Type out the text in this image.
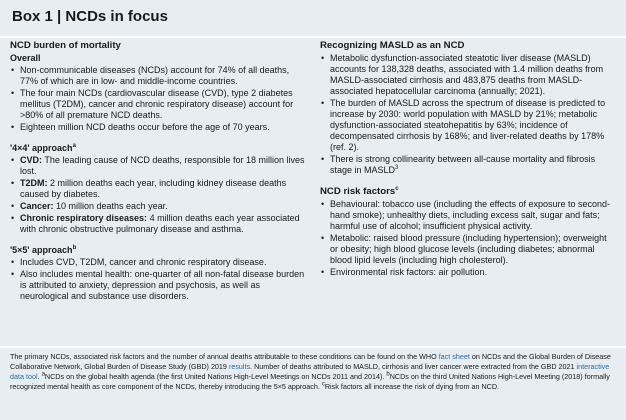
Box 1 | NCDs in focus
NCD burden of mortality
Overall
• Non-communicable diseases (NCDs) account for 74% of all deaths, 77% of which are in low- and middle-income countries.
• The four main NCDs (cardiovascular disease (CVD), type 2 diabetes mellitus (T2DM), cancer and chronic respiratory disease) account for >80% of all premature NCD deaths.
• Eighteen million NCD deaths occur before the age of 70 years.
'4×4' approach$^a$
• CVD: The leading cause of NCD deaths, responsible for 18 million lives lost.
• T2DM: 2 million deaths each year, including kidney disease deaths caused by diabetes.
• Cancer: 10 million deaths each year.
• Chronic respiratory diseases: 4 million deaths each year associated with chronic obstructive pulmonary disease and asthma.
'5×5' approach$^b$
• Includes CVD, T2DM, cancer and chronic respiratory disease.
• Also includes mental health: one-quarter of all non-fatal disease burden is attributed to anxiety, depression and psychosis, as well as neurological and substance use disorders.
Recognizing MASLD as an NCD
• Metabolic dysfunction-associated steatotic liver disease (MASLD) accounts for 138,328 deaths, associated with 1.4 million deaths from MASLD-associated cirrhosis and 483,875 deaths from MASLD-associated hepatocellular carcinoma (annually; 2021).
• The burden of MASLD across the spectrum of disease is predicted to increase by 2030: world population with MASLD by 21%; metabolic dysfunction-associated steatohepatitis by 63%; incidence of decompensated cirrhosis by 168%; and liver-related deaths by 178% (ref. 2).
• There is strong collinearity between all-cause mortality and fibrosis stage in MASLD$^3$
NCD risk factors$^c$
• Behavioural: tobacco use (including the effects of exposure to second-hand smoke); unhealthy diets, including excess salt, sugar and fats; harmful use of alcohol; insufficient physical activity.
• Metabolic: raised blood pressure (including hypertension); overweight or obesity; high blood glucose levels (including diabetes; abnormal blood lipid levels (including high cholesterol).
• Environmental risk factors: air pollution.
The primary NCDs, associated risk factors and the number of annual deaths attributable to these conditions can be found on the WHO fact sheet on NCDs and the Global Burden of Disease Collaborative Network, Global Burden of Disease Study (GBD) 2019 results. Number of deaths attributed to MASLD, cirrhosis and liver cancer were extracted from the GBD 2021 interactive data tool. $^a$NCDs on the global health agenda (the first United Nations High-Level Meetings on NCDs 2011 and 2014). $^b$NCDs on the third United Nations High-Level Meeting (2018) formally recognized mental health as core component of the NCDs, thereby introducing the 5×5 approach. $^c$Risk factors all increase the risk of dying from an NCD.
